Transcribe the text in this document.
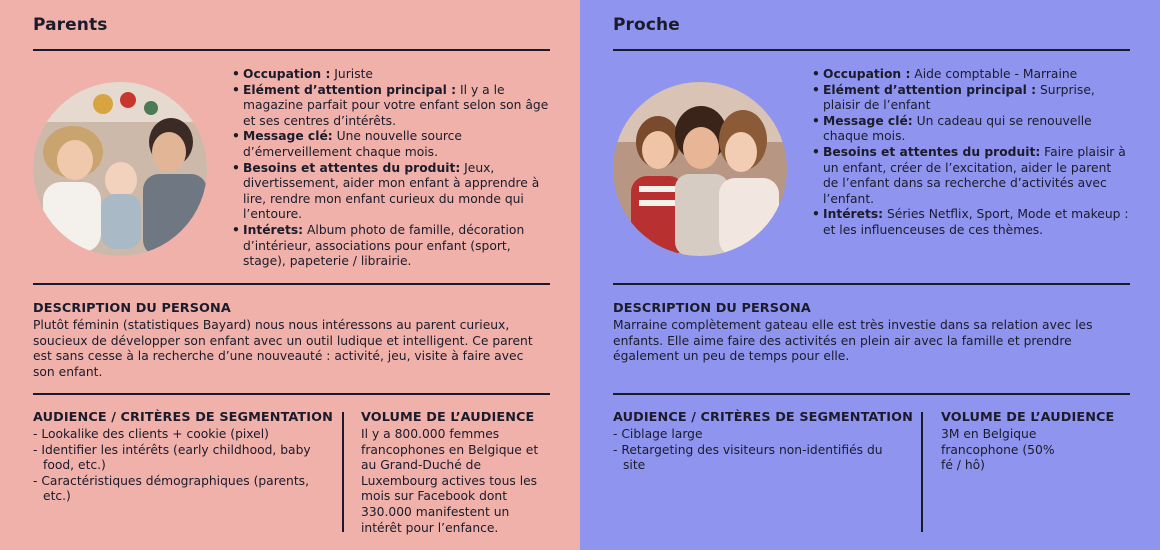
Parents
• Occupation : Juriste
• Elément d’attention principal : Il y a le magazine parfait pour votre enfant selon son âge et ses centres d’intérêts.
• Message clé: Une nouvelle source d’émerveillement chaque mois.
• Besoins et attentes du produit: Jeux, divertissement, aider mon enfant à apprendre à lire, rendre mon enfant curieux du monde qui l’entoure.
• Intérets: Album photo de famille, décoration d’intérieur, associations pour enfant (sport, stage), papeterie / librairie.
DESCRIPTION DU PERSONA
Plutôt féminin (statistiques Bayard) nous nous intéressons au parent curieux, soucieux de développer son enfant avec un outil ludique et intelligent. Ce parent est sans cesse à la recherche d’une nouveauté : activité, jeu, visite à faire avec son enfant.
AUDIENCE / CRITÈRES DE SEGMENTATION
- Lookalike des clients + cookie (pixel)
- Identifier les intérêts (early childhood, baby food, etc.)
- Caractéristiques démographiques (parents, etc.)
VOLUME DE L’AUDIENCE
Il y a 800.000 femmes francophones en Belgique et au Grand-Duché de Luxembourg actives tous les mois sur Facebook dont 330.000 manifestent un intérêt pour l’enfance.
Proche
• Occupation : Aide comptable - Marraine
• Elément d’attention principal : Surprise, plaisir de l’enfant
• Message clé: Un cadeau qui se renouvelle chaque mois.
• Besoins et attentes du produit: Faire plaisir à un enfant, créer de l’excitation, aider le parent de l’enfant dans sa recherche d’activités avec l’enfant.
• Intérets: Séries Netflix, Sport, Mode et makeup : et les influenceuses de ces thèmes.
DESCRIPTION DU PERSONA
Marraine complètement gateau elle est très investie dans sa relation avec les enfants. Elle aime faire des activités en plein air avec la famille et prendre également un peu de temps pour elle.
AUDIENCE / CRITÈRES DE SEGMENTATION
- Ciblage large
- Retargeting des visiteurs non-identifiés du site
VOLUME DE L’AUDIENCE
3M en Belgique francophone (50% fé / hô)
